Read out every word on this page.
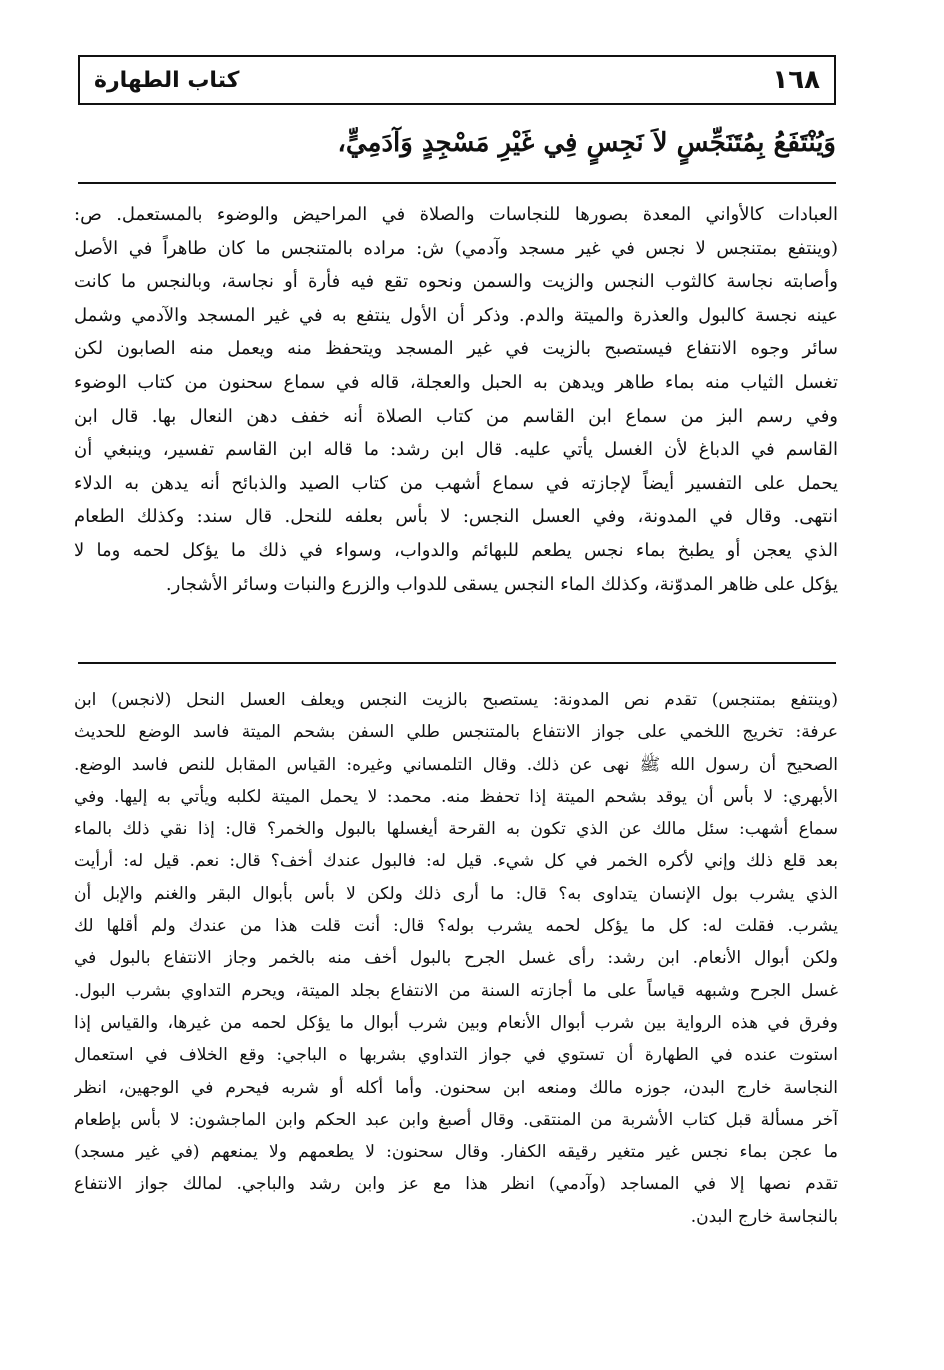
١٦٨
كتاب الطهارة
وَيُنْتَفَعُ بِمُتَنَجِّسٍ لاَ نَجِسٍ فِي غَيْرِ مَسْجِدٍ وَآدَمِيٍّ،
العبادات كالأواني المعدة بصورها للنجاسات والصلاة في المراحيض والوضوء بالمستعمل. ص:
(وينتفع بمتنجس لا نجس في غير مسجد وآدمي) ش: مراده بالمتنجس ما كان طاهراً في الأصل
وأصابته نجاسة كالثوب النجس والزيت والسمن ونحوه تقع فيه فأرة أو نجاسة، وبالنجس ما كانت
عينه نجسة كالبول والعذرة والميتة والدم. وذكر أن الأول ينتفع به في غير المسجد والآدمي وشمل
سائر وجوه الانتفاع فيستصبح بالزيت في غير المسجد ويتحفظ منه ويعمل منه الصابون لكن
تغسل الثياب منه بماء طاهر ويدهن به الحبل والعجلة، قاله في سماع سحنون من كتاب الوضوء
وفي رسم البز من سماع ابن القاسم من كتاب الصلاة أنه خفف دهن النعال بها. قال ابن
القاسم في الدباغ لأن الغسل يأتي عليه. قال ابن رشد: ما قاله ابن القاسم تفسير، وينبغي أن
يحمل على التفسير أيضاً لإجازته في سماع أشهب من كتاب الصيد والذبائح أنه يدهن به الدلاء
انتهى. وقال في المدونة، وفي العسل النجس: لا بأس بعلفه للنحل. قال سند: وكذلك الطعام
الذي يعجن أو يطبخ بماء نجس يطعم للبهائم والدواب، وسواء في ذلك ما يؤكل لحمه وما لا
يؤكل على ظاهر المدوّنة، وكذلك الماء النجس يسقى للدواب والزرع والنبات وسائر الأشجار.
(وينتفع بمتنجس) تقدم نص المدونة: يستصبح بالزيت النجس ويعلف العسل النحل (لانجس) ابن
عرفة: تخريج اللخمي على جواز الانتفاع بالمتنجس طلي السفن بشحم الميتة فاسد الوضع للحديث
الصحيح أن رسول الله ﷺ نهى عن ذلك. وقال التلمساني وغيره: القياس المقابل للنص فاسد الوضع.
الأبهري: لا بأس أن يوقد بشحم الميتة إذا تحفظ منه. محمد: لا يحمل الميتة لكلبه ويأتي به إليها. وفي
سماع أشهب: سئل مالك عن الذي تكون به القرحة أيغسلها بالبول والخمر؟ قال: إذا نقي ذلك بالماء
بعد قلع ذلك وإني لأكره الخمر في كل شيء. قيل له: فالبول عندك أخف؟ قال: نعم. قيل له: أرأيت
الذي يشرب بول الإنسان يتداوى به؟ قال: ما أرى ذلك ولكن لا بأس بأبوال البقر والغنم والإبل أن
يشرب. فقلت له: كل ما يؤكل لحمه يشرب بوله؟ قال: أنت قلت هذا من عندك ولم أقلها لك
ولكن أبوال الأنعام. ابن رشد: رأى غسل الجرح بالبول أخف منه بالخمر وجاز الانتفاع بالبول في
غسل الجرح وشبهه قياساً على ما أجازته السنة من الانتفاع بجلد الميتة، ويحرم التداوي بشرب البول.
وفرق في هذه الرواية بين شرب أبوال الأنعام وبين شرب أبوال ما يؤكل لحمه من غيرها، والقياس إذا
استوت عنده في الطهارة أن تستوي في جواز التداوي بشربها ه الباجي: وقع الخلاف في استعمال
النجاسة خارج البدن، جوزه مالك ومنعه ابن سحنون. وأما أكله أو شربه فيحرم في الوجهين، انظر
آخر مسألة قبل كتاب الأشربة من المنتقى. وقال أصبغ وابن عبد الحكم وابن الماجشون: لا بأس بإطعام
ما عجن بماء نجس غير متغير رقيقه الكفار. وقال سحنون: لا يطعمهم ولا يمنعهم (في غير مسجد)
تقدم نصها إلا في المساجد (وآدمي) انظر هذا مع عز وابن رشد والباجي. لمالك جواز الانتفاع
بالنجاسة خارج البدن.
